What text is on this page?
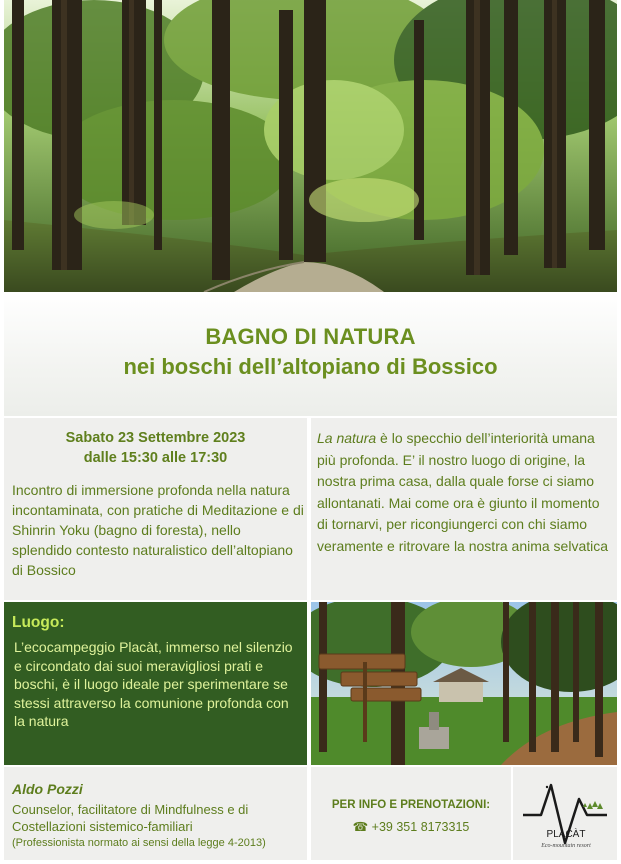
BAGNO DI NATURA
nei boschi dell’altopiano di Bossico
Sabato 23 Settembre 2023
dalle 15:30 alle 17:30
Incontro di immersione profonda nella natura incontaminata, con pratiche di Meditazione e di Shinrin Yoku (bagno di foresta), nello splendido contesto naturalistico dell’altopiano di Bossico
La natura è lo specchio dell’interiorità umana più profonda. E’ il nostro luogo di origine, la nostra prima casa, dalla quale forse ci siamo allontanati. Mai come ora è giunto il momento di tornarvi, per ricongiungerci con chi siamo veramente e ritrovare la nostra anima selvatica
Luogo:
L’ecocampeggio Placàt, immerso nel silenzio e circondato dai suoi meravigliosi prati e boschi, è il luogo ideale per sperimentare se stessi attraverso la comunione profonda con la natura
Aldo Pozzi
Counselor, facilitatore di Mindfulness e di Costellazioni sistemico-familiari
(Professionista normato ai sensi della legge 4-2013)
PER INFO E PRENOTAZIONI:
☎ +39 351 8173315
PLACÀT
Eco-mountain resort
